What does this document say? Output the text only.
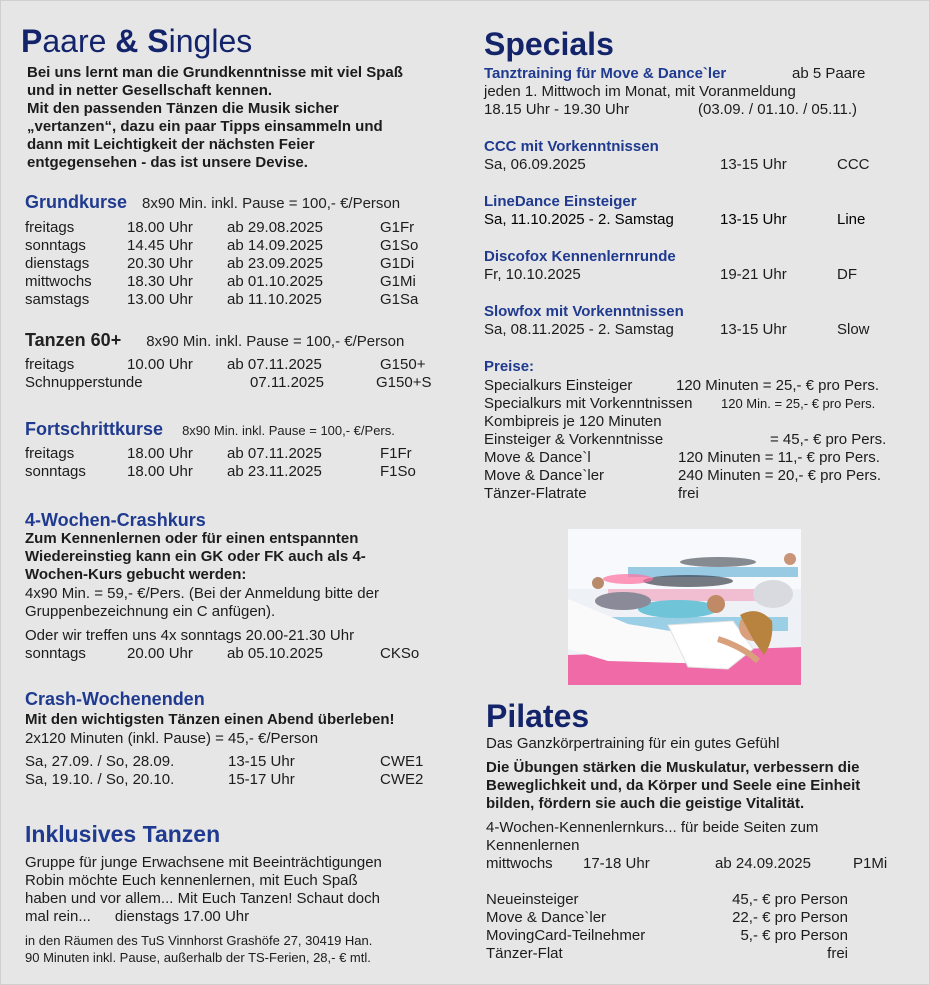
Paare & Singles
Bei uns lernt man die Grundkenntnisse mit viel Spaß
und in netter Gesellschaft kennen.
Mit den passenden Tänzen die Musik sicher
„vertanzen“, dazu ein paar Tipps einsammeln und
dann mit Leichtigkeit der nächsten Feier
entgegensehen - das ist unsere Devise.
Grundkurse 8x90 Min. inkl. Pause = 100,- €/Person
freitags	18.00 Uhr ab 29.08.2025	G1Fr
sonntags	14.45 Uhr ab 14.09.2025	G1So
dienstags	20.30 Uhr ab 23.09.2025	G1Di
mittwochs 18.30 Uhr ab 01.10.2025	G1Mi
samstags	13.00 Uhr ab 11.10.2025	G1Sa
Tanzen 60+ 8x90 Min. inkl. Pause = 100,- €/Person
freitags	10.00 Uhr ab 07.11.2025	G150+
Schnupperstunde	07.11.2025	G150+S
Fortschrittkurse 8x90 Min. inkl. Pause = 100,- €/Pers.
freitags	18.00 Uhr ab 07.11.2025	F1Fr
sonntags	18.00 Uhr ab 23.11.2025	F1So
4-Wochen-Crashkurs
Zum Kennenlernen oder für einen entspannten
Wiedereinstieg kann ein GK oder FK auch als 4-
Wochen-Kurs gebucht werden:
4x90 Min. = 59,- €/Pers. (Bei der Anmeldung bitte der
Gruppenbezeichnung ein C anfügen).
Oder wir treffen uns 4x sonntags 20.00-21.30 Uhr
sonntags	20.00 Uhr ab 05.10.2025	CKSo
Crash-Wochenenden
Mit den wichtigsten Tänzen einen Abend überleben!
2x120 Minuten (inkl. Pause) = 45,- €/Person
Sa, 27.09. / So, 28.09.	13-15 Uhr	CWE1
Sa, 19.10. / So, 20.10.	15-17 Uhr	CWE2
Inklusives Tanzen
Gruppe für junge Erwachsene mit Beeinträchtigungen
Robin möchte Euch kennenlernen, mit Euch Spaß
haben und vor allem... Mit Euch Tanzen! Schaut doch
mal rein... dienstags 17.00 Uhr
in den Räumen des TuS Vinnhorst Grashöfe 27, 30419 Han.
90 Minuten inkl. Pause, außerhalb der TS-Ferien, 28,- € mtl.
Specials
Tanztraining für Move & Dance`ler	ab 5 Paare
jeden 1. Mittwoch im Monat, mit Voranmeldung
18.15 Uhr - 19.30 Uhr	(03.09. / 01.10. / 05.11.)
CCC mit Vorkenntnissen
Sa, 06.09.2025	13-15 Uhr	CCC
LineDance Einsteiger
Sa, 11.10.2025 - 2. Samstag	13-15 Uhr	Line
Discofox Kennenlernrunde
Fr, 10.10.2025	19-21 Uhr	DF
Slowfox mit Vorkenntnissen
Sa, 08.11.2025 - 2. Samstag	13-15 Uhr	Slow
Preise:
Specialkurs Einsteiger	120 Minuten = 25,- € pro Pers.
Specialkurs mit Vorkenntnissen 120 Min. = 25,- € pro Pers.
Kombipreis je 120 Minuten
Einsteiger & Vorkenntnisse	= 45,- € pro Pers.
Move & Dance`l	120 Minuten = 11,- € pro Pers.
Move & Dance`ler	240 Minuten = 20,- € pro Pers.
Tänzer-Flatrate	frei
Pilates
Das Ganzkörpertraining für ein gutes Gefühl
Die Übungen stärken die Muskulatur, verbessern die
Beweglichkeit und, da Körper und Seele eine Einheit
bilden, fördern sie auch die geistige Vitalität.
4-Wochen-Kennenlernkurs... für beide Seiten zum
Kennenlernen
mittwochs 17-18 Uhr	ab 24.09.2025	P1Mi
Neueinsteiger	45,- € pro Person
Move & Dance`ler	22,- € pro Person
MovingCard-Teilnehmer	5,- € pro Person
Tänzer-Flat	frei
